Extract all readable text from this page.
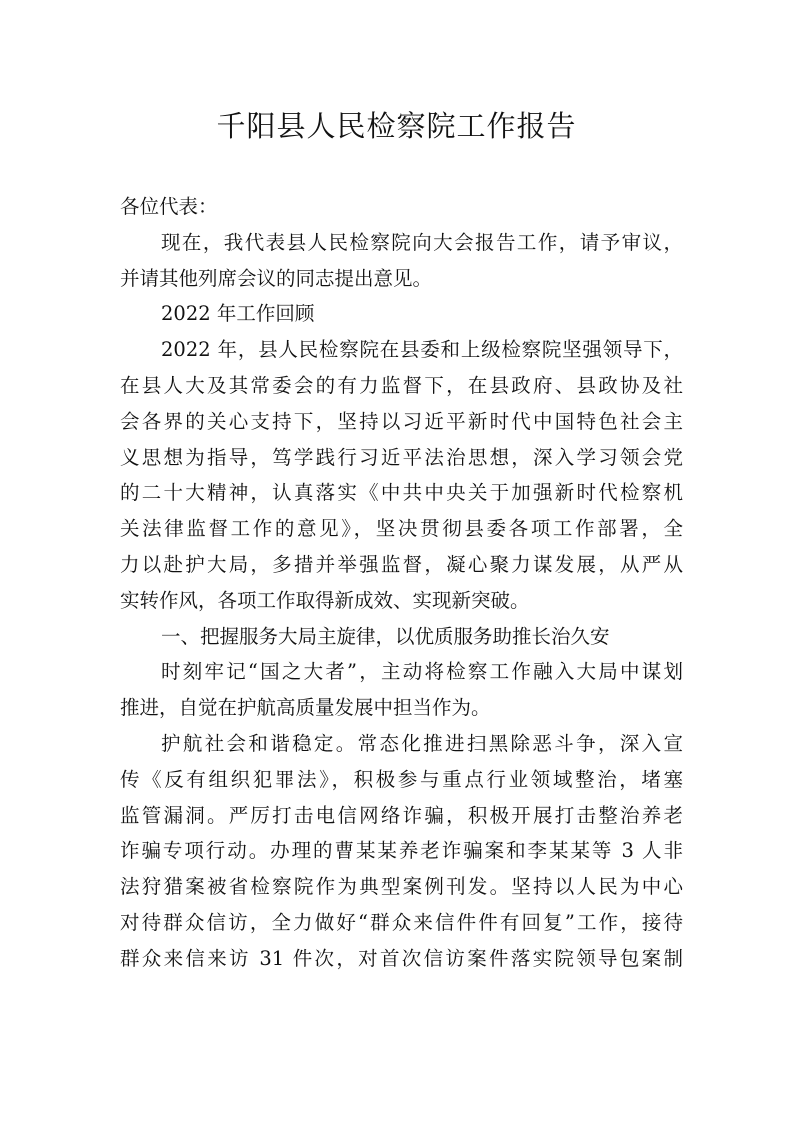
千阳县人民检察院工作报告
各位代表：
现在，我代表县人民检察院向大会报告工作，请予审议，
并请其他列席会议的同志提出意见。
2022 年工作回顾
2022 年，县人民检察院在县委和上级检察院坚强领导下，
在县人大及其常委会的有力监督下，在县政府、县政协及社
会各界的关心支持下，坚持以习近平新时代中国特色社会主
义思想为指导，笃学践行习近平法治思想，深入学习领会党
的二十大精神，认真落实《中共中央关于加强新时代检察机
关法律监督工作的意见》，坚决贯彻县委各项工作部署，全
力以赴护大局，多措并举强监督，凝心聚力谋发展，从严从
实转作风，各项工作取得新成效、实现新突破。
一、把握服务大局主旋律，以优质服务助推长治久安
时刻牢记“国之大者”，主动将检察工作融入大局中谋划
推进，自觉在护航高质量发展中担当作为。
护航社会和谐稳定。常态化推进扫黑除恶斗争，深入宣
传《反有组织犯罪法》，积极参与重点行业领域整治，堵塞
监管漏洞。严厉打击电信网络诈骗，积极开展打击整治养老
诈骗专项行动。办理的曹某某养老诈骗案和李某某等 3 人非
法狩猎案被省检察院作为典型案例刊发。坚持以人民为中心
对待群众信访，全力做好“群众来信件件有回复”工作，接待
群众来信来访 31 件次，对首次信访案件落实院领导包案制
